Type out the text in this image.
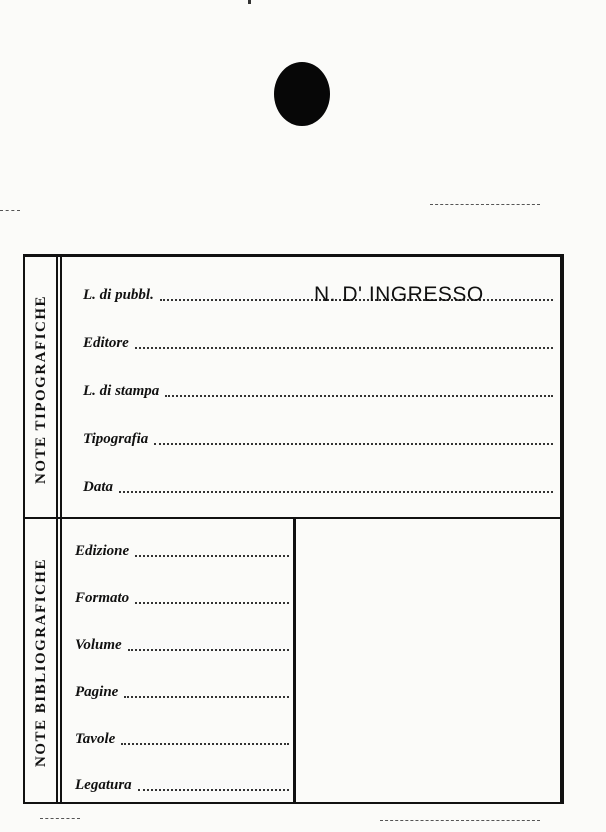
NOTE TIPOGRAFICHE
NOTE BIBLIOGRAFICHE
L. di pubbl.
Editore
L. di stampa
Tipografia
Data
Edizione
Formato
Volume
Pagine
Tavole
Legatura
N. D' INGRESSO
